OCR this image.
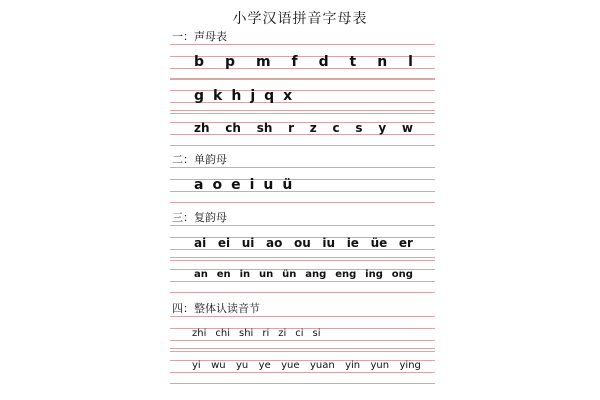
小学汉语拼音字母表
一：声母表
b p m f d t n l
g k h j q x
zh ch sh r z c s y w
二：单韵母
a o e i u ü
三：复韵母
ai ei ui ao ou iu ie üe er
an en in un ün ang eng ing ong
四：整体认读音节
zhi chi shi ri zi ci si
yi wu yu ye yue yuan yin yun ying
